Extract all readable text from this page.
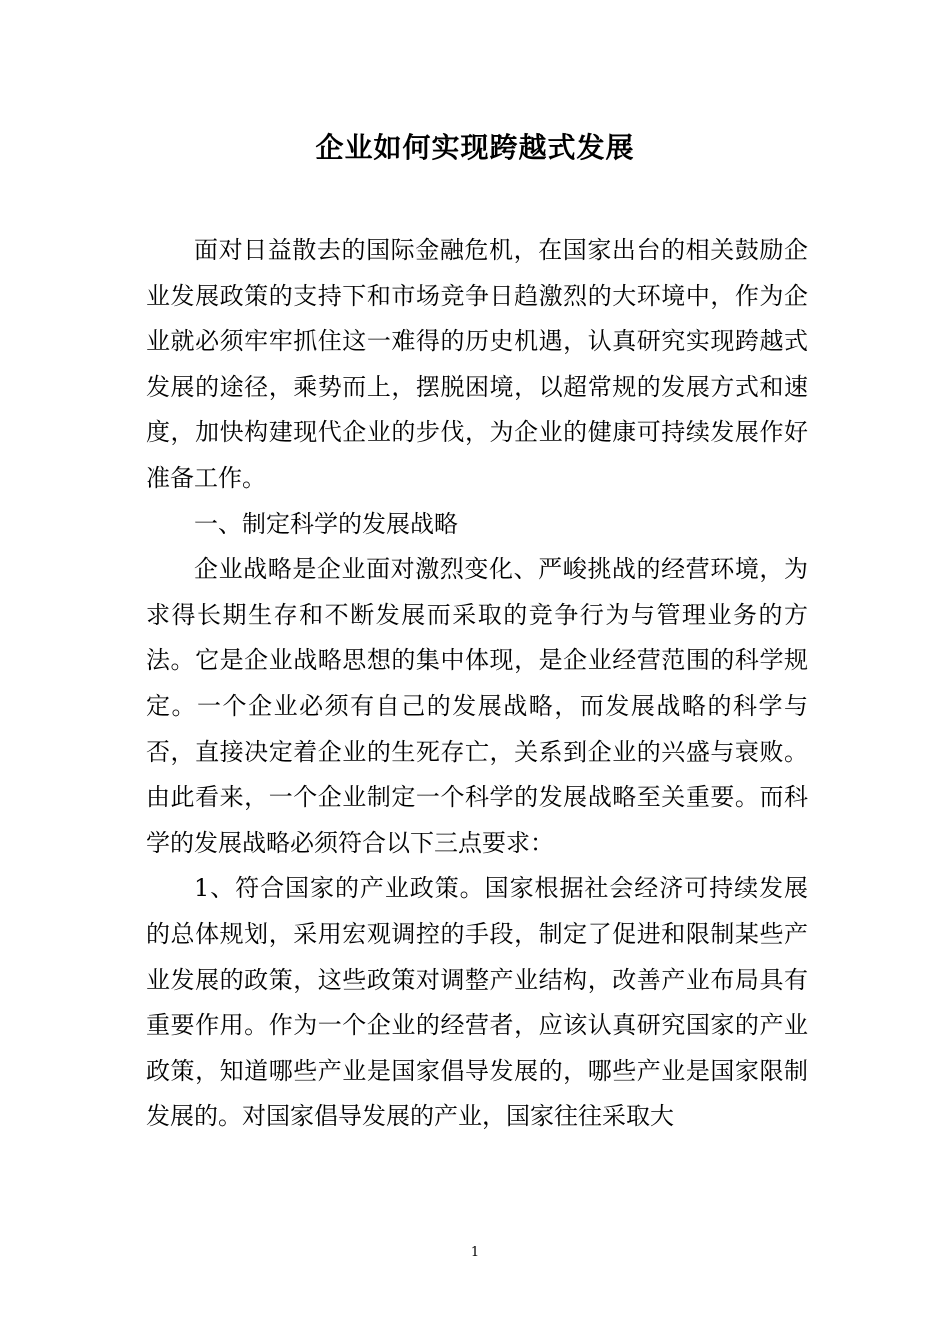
企业如何实现跨越式发展

面对日益散去的国际金融危机，在国家出台的相关鼓励企业发展政策的支持下和市场竞争日趋激烈的大环境中，作为企业就必须牢牢抓住这一难得的历史机遇，认真研究实现跨越式发展的途径，乘势而上，摆脱困境，以超常规的发展方式和速度，加快构建现代企业的步伐，为企业的健康可持续发展作好准备工作。

一、制定科学的发展战略

企业战略是企业面对激烈变化、严峻挑战的经营环境，为求得长期生存和不断发展而采取的竞争行为与管理业务的方法。它是企业战略思想的集中体现，是企业经营范围的科学规定。一个企业必须有自己的发展战略，而发展战略的科学与否，直接决定着企业的生死存亡，关系到企业的兴盛与衰败。由此看来，一个企业制定一个科学的发展战略至关重要。而科学的发展战略必须符合以下三点要求：

1、符合国家的产业政策。国家根据社会经济可持续发展的总体规划，采用宏观调控的手段，制定了促进和限制某些产业发展的政策，这些政策对调整产业结构，改善产业布局具有重要作用。作为一个企业的经营者，应该认真研究国家的产业政策，知道哪些产业是国家倡导发展的，哪些产业是国家限制发展的。对国家倡导发展的产业，国家往往采取大

1
